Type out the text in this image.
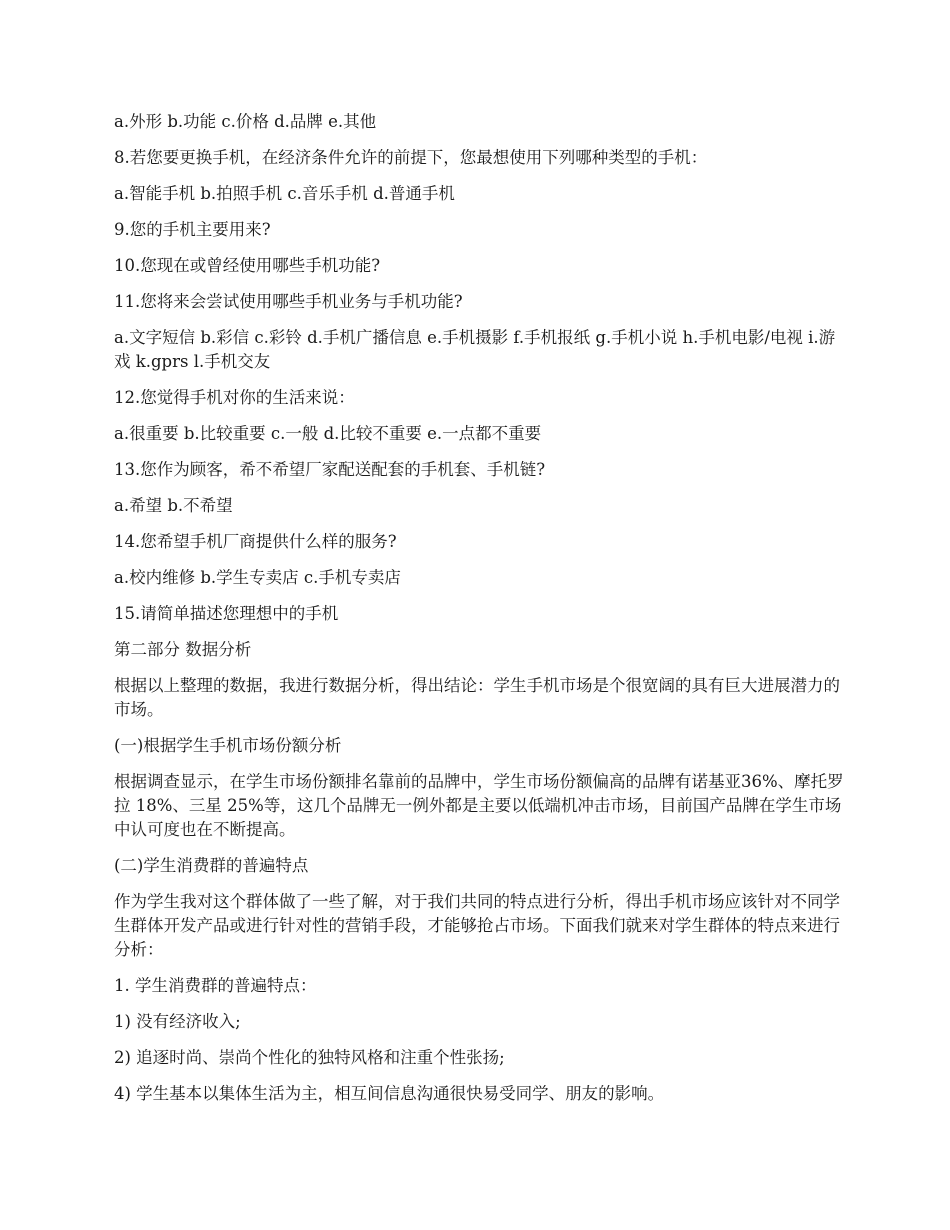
a.外形 b.功能 c.价格 d.品牌 e.其他

8.若您要更换手机，在经济条件允许的前提下，您最想使用下列哪种类型的手机：

a.智能手机 b.拍照手机 c.音乐手机 d.普通手机

9.您的手机主要用来?

10.您现在或曾经使用哪些手机功能?

11.您将来会尝试使用哪些手机业务与手机功能?

a.文字短信 b.彩信 c.彩铃 d.手机广播信息 e.手机摄影 f.手机报纸 g.手机小说 h.手机电影/电视 i.游戏 k.gprs l.手机交友

12.您觉得手机对你的生活来说：

a.很重要 b.比较重要 c.一般 d.比较不重要 e.一点都不重要

13.您作为顾客，希不希望厂家配送配套的手机套、手机链?

a.希望 b.不希望

14.您希望手机厂商提供什么样的服务?

a.校内维修 b.学生专卖店 c.手机专卖店

15.请简单描述您理想中的手机

第二部分 数据分析

根据以上整理的数据，我进行数据分析，得出结论：学生手机市场是个很宽阔的具有巨大进展潜力的市场。

(一)根据学生手机市场份额分析

根据调查显示，在学生市场份额排名靠前的品牌中，学生市场份额偏高的品牌有诺基亚36%、摩托罗拉 18%、三星 25%等，这几个品牌无一例外都是主要以低端机冲击市场，目前国产品牌在学生市场中认可度也在不断提高。

(二)学生消费群的普遍特点

作为学生我对这个群体做了一些了解，对于我们共同的特点进行分析，得出手机市场应该针对不同学生群体开发产品或进行针对性的营销手段，才能够抢占市场。下面我们就来对学生群体的特点来进行分析：

1. 学生消费群的普遍特点：

1) 没有经济收入;

2) 追逐时尚、崇尚个性化的独特风格和注重个性张扬;

4) 学生基本以集体生活为主，相互间信息沟通很快易受同学、朋友的影响。
